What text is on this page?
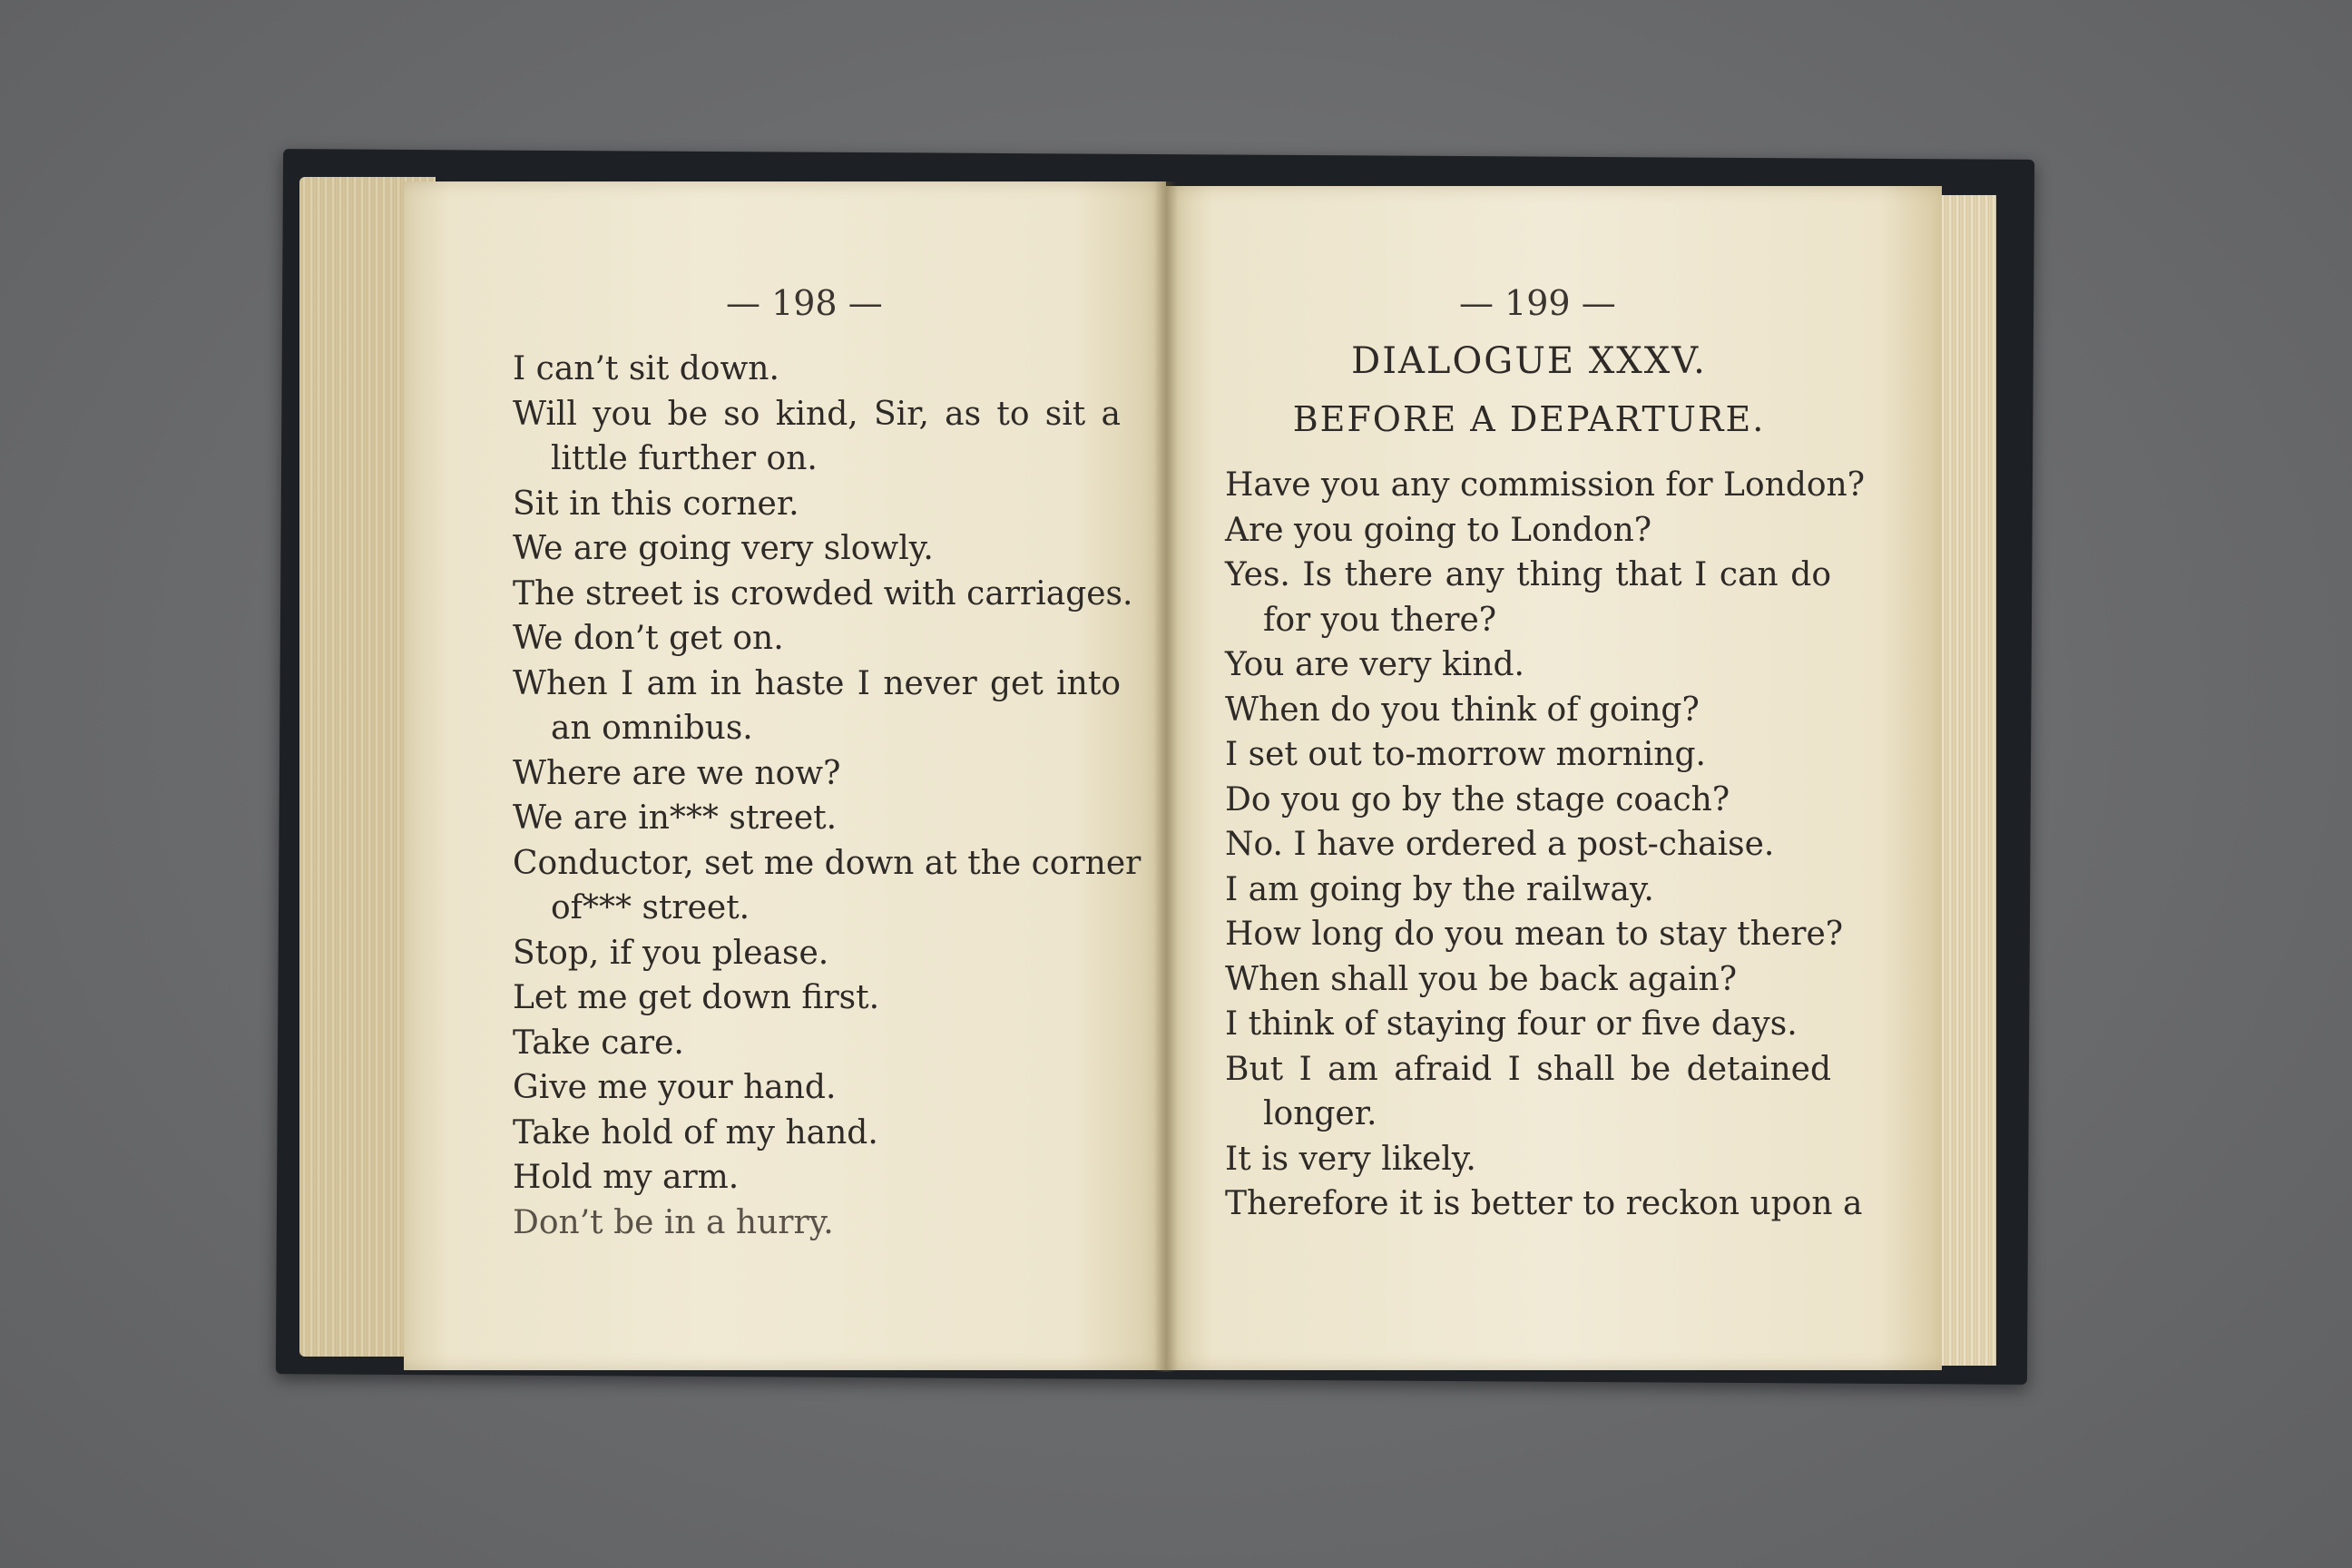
— 198 —	— 199 —
I can’t sit down.
Will you be so kind, Sir, as to sit a
little further on.
Sit in this corner.
We are going very slowly.
The street is crowded with carriages.
We don’t get on.
When I am in haste I never get into
an omnibus.
Where are we now?
We are in*** street.
Conductor, set me down at the corner
of*** street.
Stop, if you please.
Let me get down first.
Take care.
Give me your hand.
Take hold of my hand.
Hold my arm.
Don’t be in a hurry.
DIALOGUE XXXV.
BEFORE A DEPARTURE.
Have you any commission for London?
Are you going to London?
Yes. Is there any thing that I can do
for you there?
You are very kind.
When do you think of going?
I set out to-morrow morning.
Do you go by the stage coach?
No. I have ordered a post-chaise.
I am going by the railway.
How long do you mean to stay there?
When shall you be back again?
I think of staying four or five days.
But I am afraid I shall be detained
longer.
It is very likely.
Therefore it is better to reckon upon a
